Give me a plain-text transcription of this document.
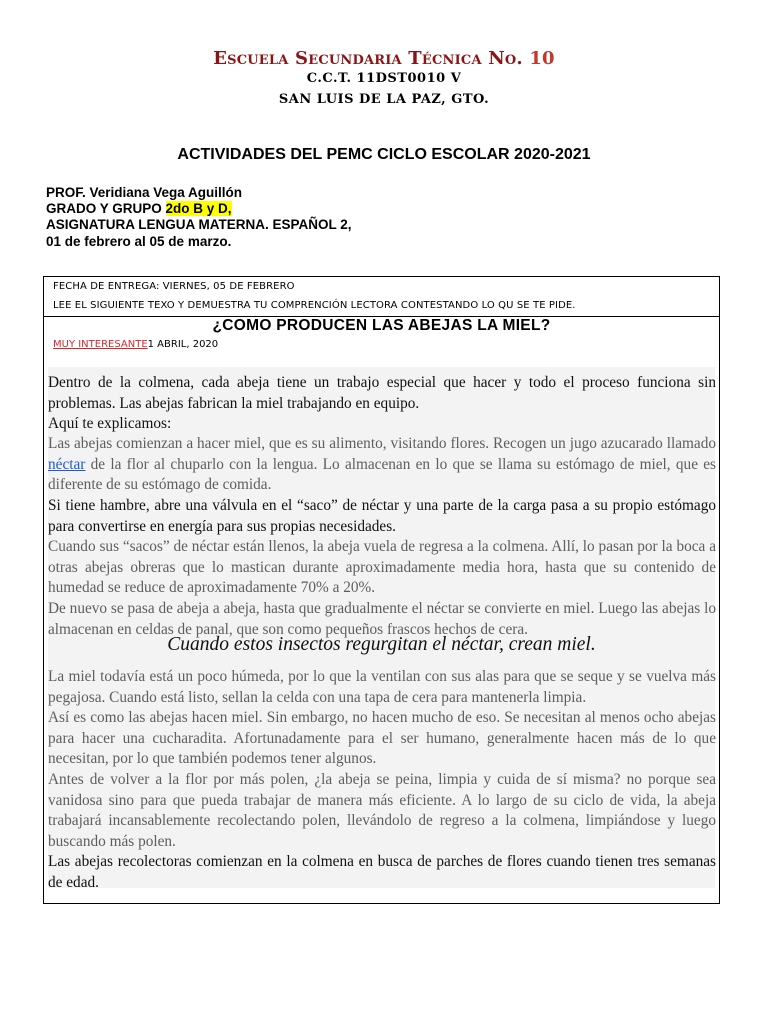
Escuela Secundaria Técnica No. 10
C.C.T. 11DST0010 V
SAN LUIS DE LA PAZ, GTO.
ACTIVIDADES DEL PEMC CICLO ESCOLAR 2020-2021
PROF. Veridiana Vega Aguillón
GRADO Y GRUPO 2do B y D,
ASIGNATURA LENGUA MATERNA. ESPAÑOL 2,
01 de febrero al 05 de marzo.
FECHA DE ENTREGA: VIERNES, 05 DE FEBRERO
LEE EL SIGUIENTE TEXO Y DEMUESTRA TU COMPRENCIÓN LECTORA CONTESTANDO LO QU SE TE PIDE.
¿COMO PRODUCEN LAS ABEJAS LA MIEL?
MUY INTERESANTE1 ABRIL, 2020
Dentro de la colmena, cada abeja tiene un trabajo especial que hacer y todo el proceso funciona sin problemas. Las abejas fabrican la miel trabajando en equipo.
Aquí te explicamos:
Las abejas comienzan a hacer miel, que es su alimento, visitando flores. Recogen un jugo azucarado llamado néctar de la flor al chuparlo con la lengua. Lo almacenan en lo que se llama su estómago de miel, que es diferente de su estómago de comida.
Si tiene hambre, abre una válvula en el “saco” de néctar y una parte de la carga pasa a su propio estómago para convertirse en energía para sus propias necesidades.
Cuando sus “sacos” de néctar están llenos, la abeja vuela de regresa a la colmena. Allí, lo pasan por la boca a otras abejas obreras que lo mastican durante aproximadamente media hora, hasta que su contenido de humedad se reduce de aproximadamente 70% a 20%.
De nuevo se pasa de abeja a abeja, hasta que gradualmente el néctar se convierte en miel. Luego las abejas lo almacenan en celdas de panal, que son como pequeños frascos hechos de cera.
Cuando estos insectos regurgitan el néctar, crean miel.
La miel todavía está un poco húmeda, por lo que la ventilan con sus alas para que se seque y se vuelva más pegajosa. Cuando está listo, sellan la celda con una tapa de cera para mantenerla limpia.
Así es como las abejas hacen miel. Sin embargo, no hacen mucho de eso. Se necesitan al menos ocho abejas para hacer una cucharadita. Afortunadamente para el ser humano, generalmente hacen más de lo que necesitan, por lo que también podemos tener algunos.
Antes de volver a la flor por más polen, ¿la abeja se peina, limpia y cuida de sí misma? no porque sea vanidosa sino para que pueda trabajar de manera más eficiente. A lo largo de su ciclo de vida, la abeja trabajará incansablemente recolectando polen, llevándolo de regreso a la colmena, limpiándose y luego buscando más polen.
Las abejas recolectoras comienzan en la colmena en busca de parches de flores cuando tienen tres semanas de edad.
